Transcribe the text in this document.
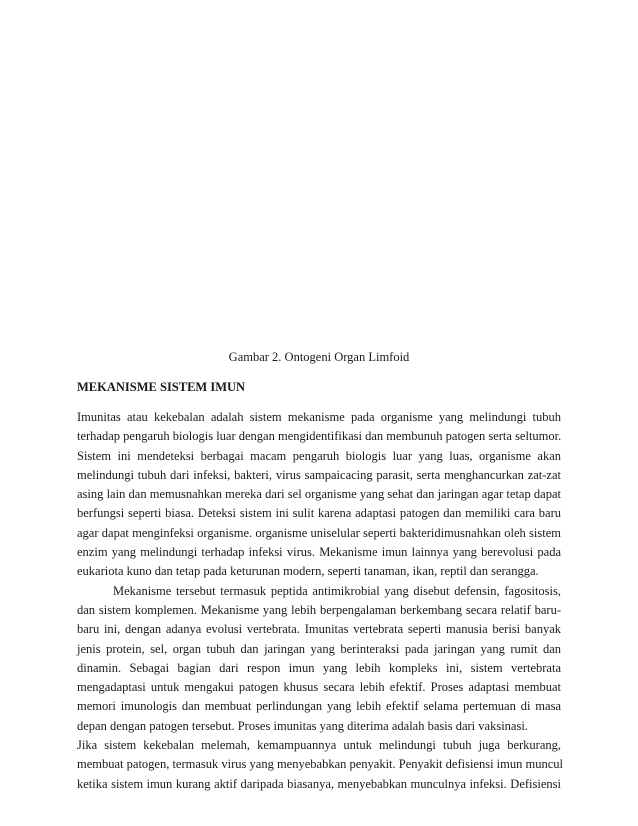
Gambar 2. Ontogeni Organ Limfoid
MEKANISME SISTEM IMUN
Imunitas atau kekebalan adalah sistem mekanisme pada organisme yang melindungi tubuh
terhadap pengaruh biologis luar dengan mengidentifikasi dan membunuh patogen serta seltumor.
Sistem ini mendeteksi berbagai macam pengaruh biologis luar yang luas, organisme akan
melindungi tubuh dari infeksi, bakteri, virus sampaicacing parasit, serta menghancurkan zat-zat
asing lain dan memusnahkan mereka dari sel organisme yang sehat dan jaringan agar tetap dapat
berfungsi seperti biasa. Deteksi sistem ini sulit karena adaptasi patogen dan memiliki cara baru
agar dapat menginfeksi organisme. organisme uniselular seperti bakteridimusnahkan oleh sistem
enzim yang melindungi terhadap infeksi virus. Mekanisme imun lainnya yang berevolusi pada
eukariota kuno dan tetap pada keturunan modern, seperti tanaman, ikan, reptil dan serangga.
Mekanisme tersebut termasuk peptida antimikrobial yang disebut defensin, fagositosis,
dan sistem komplemen. Mekanisme yang lebih berpengalaman berkembang secara relatif baru-
baru ini, dengan adanya evolusi vertebrata. Imunitas vertebrata seperti manusia berisi banyak
jenis protein, sel, organ tubuh dan jaringan yang berinteraksi pada jaringan yang rumit dan
dinamin. Sebagai bagian dari respon imun yang lebih kompleks ini, sistem vertebrata
mengadaptasi untuk mengakui patogen khusus secara lebih efektif. Proses adaptasi membuat
memori imunologis dan membuat perlindungan yang lebih efektif selama pertemuan di masa
depan dengan patogen tersebut. Proses imunitas yang diterima adalah basis dari vaksinasi.
Jika sistem kekebalan melemah, kemampuannya untuk melindungi tubuh juga berkurang,
membuat patogen, termasuk virus yang menyebabkan penyakit. Penyakit defisiensi imun muncul
ketika sistem imun kurang aktif daripada biasanya, menyebabkan munculnya infeksi. Defisiensi
